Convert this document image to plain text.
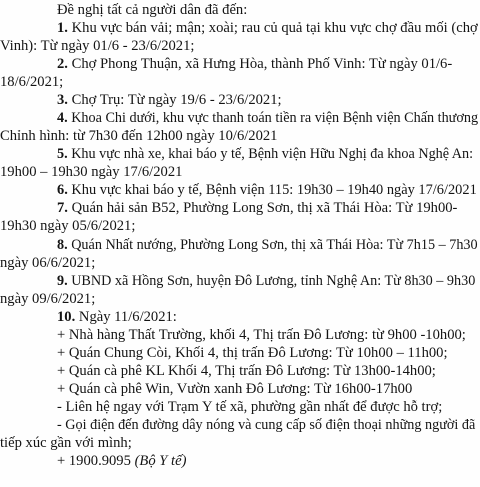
Đề nghị tất cả người dân đã đến:
1. Khu vực bán vải; mận; xoài; rau củ quả tại khu vực chợ đầu mối (chợ
Vinh): Từ ngày 01/6 - 23/6/2021;
2. Chợ Phong Thuận, xã Hưng Hòa, thành Phố Vinh: Từ ngày 01/6-
18/6/2021;
3. Chợ Trụ: Từ ngày 19/6 - 23/6/2021;
4. Khoa Chi dưới, khu vực thanh toán tiền ra viện Bệnh viện Chấn thương
Chỉnh hình: từ 7h30 đến 12h00 ngày 10/6/2021
5. Khu vực nhà xe, khai báo y tế, Bệnh viện Hữu Nghị đa khoa Nghệ An:
19h00 – 19h30 ngày 17/6/2021
6. Khu vực khai báo y tế, Bệnh viện 115: 19h30 – 19h40 ngày 17/6/2021
7. Quán hải sản B52, Phường Long Sơn, thị xã Thái Hòa: Từ 19h00-
19h30 ngày 05/6/2021;
8. Quán Nhất nướng, Phường Long Sơn, thị xã Thái Hòa: Từ 7h15 – 7h30
ngày 06/6/2021;
9. UBND xã Hồng Sơn, huyện Đô Lương, tỉnh Nghệ An: Từ 8h30 – 9h30
ngày 09/6/2021;
10. Ngày 11/6/2021:
+ Nhà hàng Thất Trường, khối 4, Thị trấn Đô Lương: từ 9h00 -10h00;
+ Quán Chung Còi, Khối 4, thị trấn Đô Lương: Từ 10h00 – 11h00;
+ Quán cà phê KL Khối 4, Thị trấn Đô Lương: Từ 13h00-14h00;
+ Quán cà phê Win, Vườn xanh Đô Lương: Từ 16h00-17h00
- Liên hệ ngay với Trạm Y tế xã, phường gần nhất để được hỗ trợ;
- Gọi điện đến đường dây nóng và cung cấp số điện thoại những người đã
tiếp xúc gần với mình;
+ 1900.9095 (Bộ Y tế)
